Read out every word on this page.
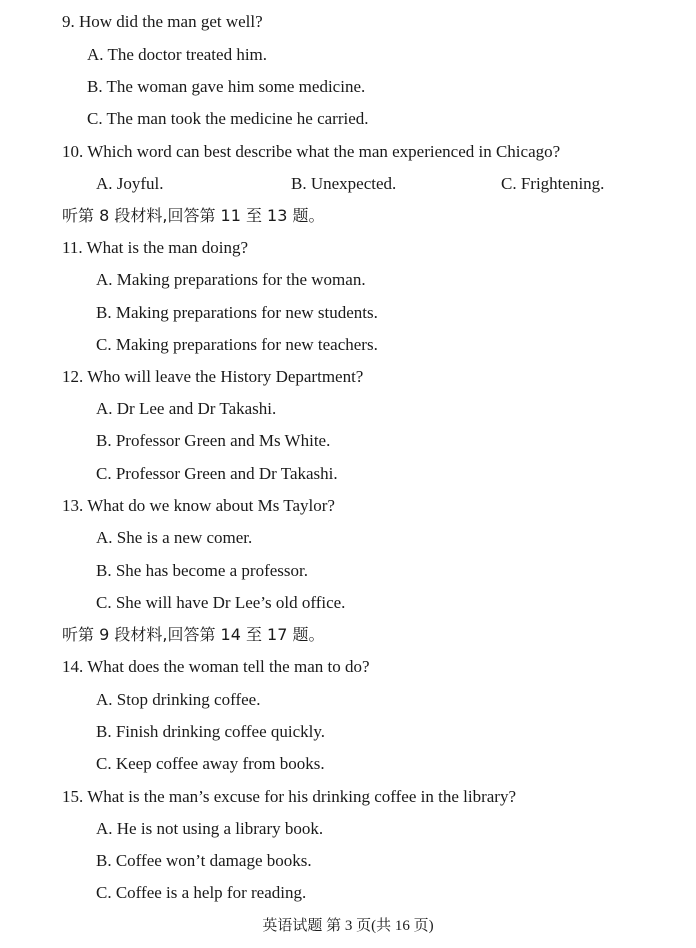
9. How did the man get well?
A. The doctor treated him.
B. The woman gave him some medicine.
C. The man took the medicine he carried.
10. Which word can best describe what the man experienced in Chicago?
A. Joyful.	B. Unexpected.	C. Frightening.
听第 8 段材料,回答第 11 至 13 题。
11. What is the man doing?
A. Making preparations for the woman.
B. Making preparations for new students.
C. Making preparations for new teachers.
12. Who will leave the History Department?
A. Dr Lee and Dr Takashi.
B. Professor Green and Ms White.
C. Professor Green and Dr Takashi.
13. What do we know about Ms Taylor?
A. She is a new comer.
B. She has become a professor.
C. She will have Dr Lee’s old office.
听第 9 段材料,回答第 14 至 17 题。
14. What does the woman tell the man to do?
A. Stop drinking coffee.
B. Finish drinking coffee quickly.
C. Keep coffee away from books.
15. What is the man’s excuse for his drinking coffee in the library?
A. He is not using a library book.
B. Coffee won’t damage books.
C. Coffee is a help for reading.
英语试题 第 3 页(共 16 页)
